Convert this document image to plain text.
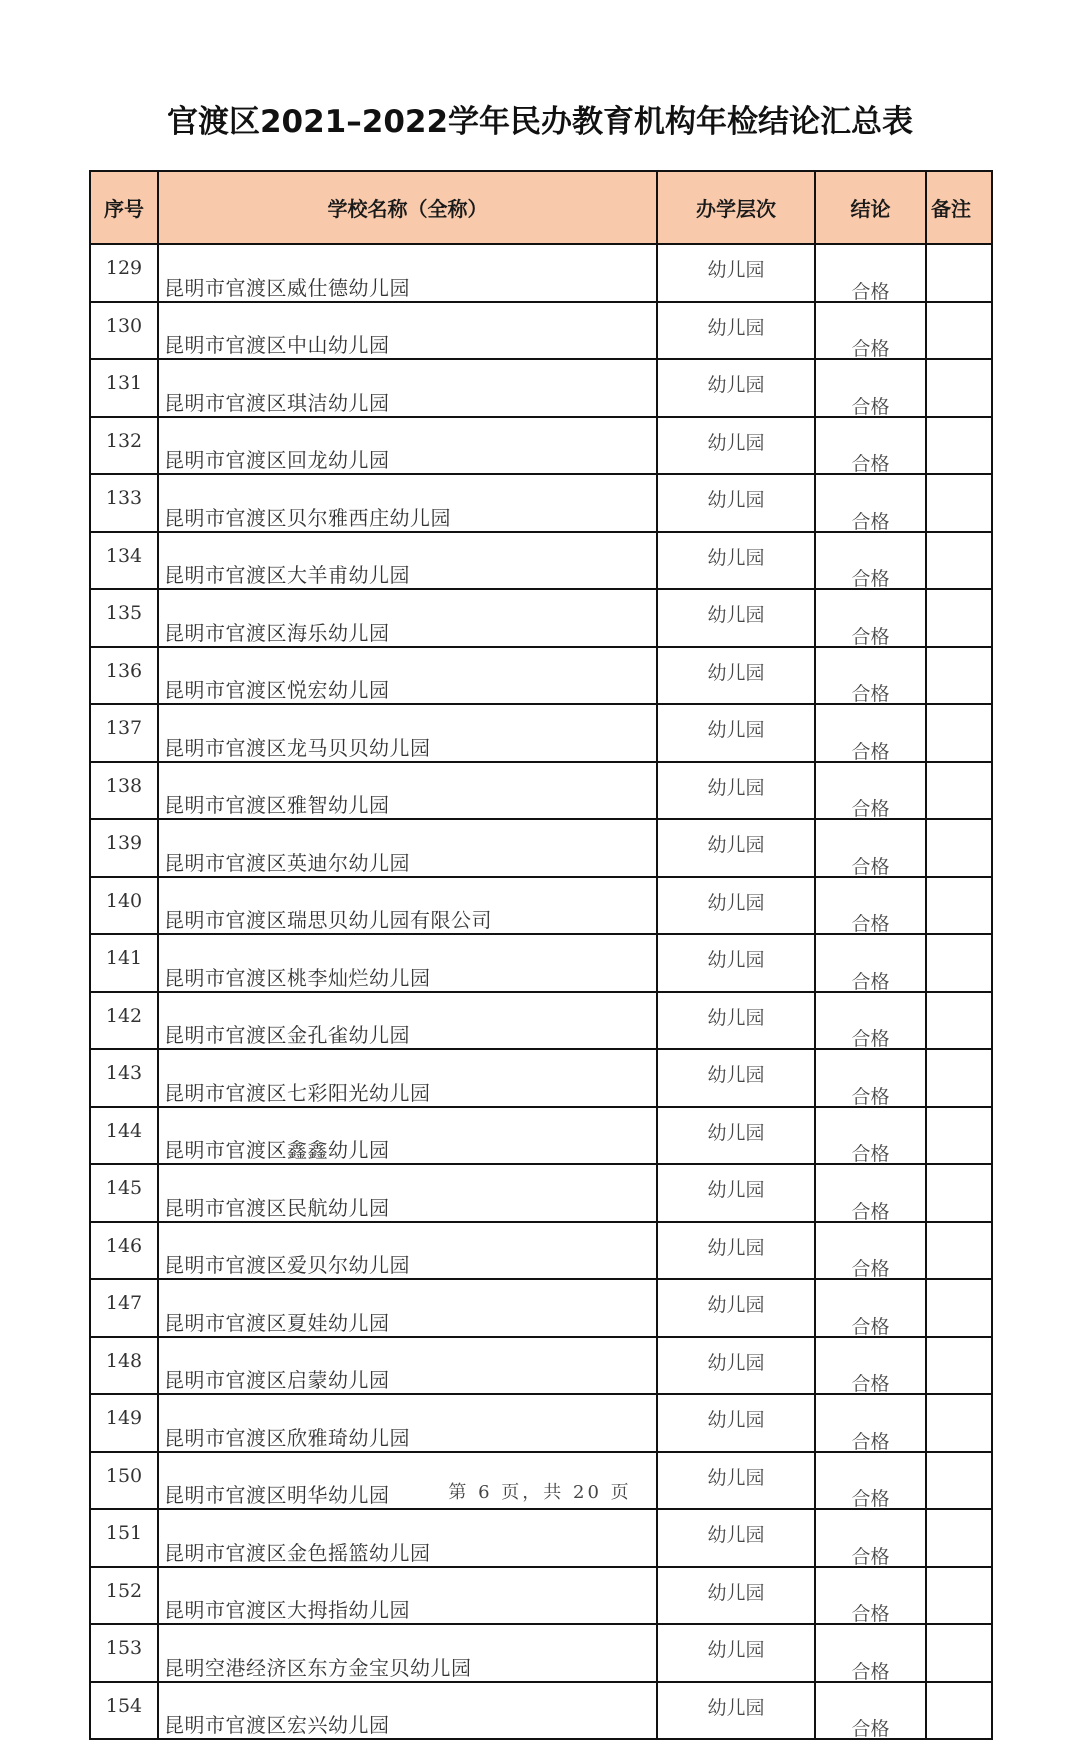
官渡区2021–2022学年民办教育机构年检结论汇总表
序号	学校名称（全称）	办学层次	结论	备注
129	昆明市官渡区威仕德幼儿园	幼儿园	合格	

130	昆明市官渡区中山幼儿园	幼儿园	合格	

131	昆明市官渡区琪洁幼儿园	幼儿园	合格	

132	昆明市官渡区回龙幼儿园	幼儿园	合格	

133	昆明市官渡区贝尔雅西庄幼儿园	幼儿园	合格	

134	昆明市官渡区大羊甫幼儿园	幼儿园	合格	

135	昆明市官渡区海乐幼儿园	幼儿园	合格	

136	昆明市官渡区悦宏幼儿园	幼儿园	合格	

137	昆明市官渡区龙马贝贝幼儿园	幼儿园	合格	

138	昆明市官渡区雅智幼儿园	幼儿园	合格	

139	昆明市官渡区英迪尔幼儿园	幼儿园	合格	

140	昆明市官渡区瑞思贝幼儿园有限公司	幼儿园	合格	

141	昆明市官渡区桃李灿烂幼儿园	幼儿园	合格	

142	昆明市官渡区金孔雀幼儿园	幼儿园	合格	

143	昆明市官渡区七彩阳光幼儿园	幼儿园	合格	

144	昆明市官渡区鑫鑫幼儿园	幼儿园	合格	

145	昆明市官渡区民航幼儿园	幼儿园	合格	

146	昆明市官渡区爱贝尔幼儿园	幼儿园	合格	

147	昆明市官渡区夏娃幼儿园	幼儿园	合格	

148	昆明市官渡区启蒙幼儿园	幼儿园	合格	

149	昆明市官渡区欣雅琦幼儿园	幼儿园	合格	

150	昆明市官渡区明华幼儿园	幼儿园	合格	

151	昆明市官渡区金色摇篮幼儿园	幼儿园	合格	

152	昆明市官渡区大拇指幼儿园	幼儿园	合格	

153	昆明空港经济区东方金宝贝幼儿园	幼儿园	合格	

154	昆明市官渡区宏兴幼儿园	幼儿园	合格	

第 6 页，共 20 页
